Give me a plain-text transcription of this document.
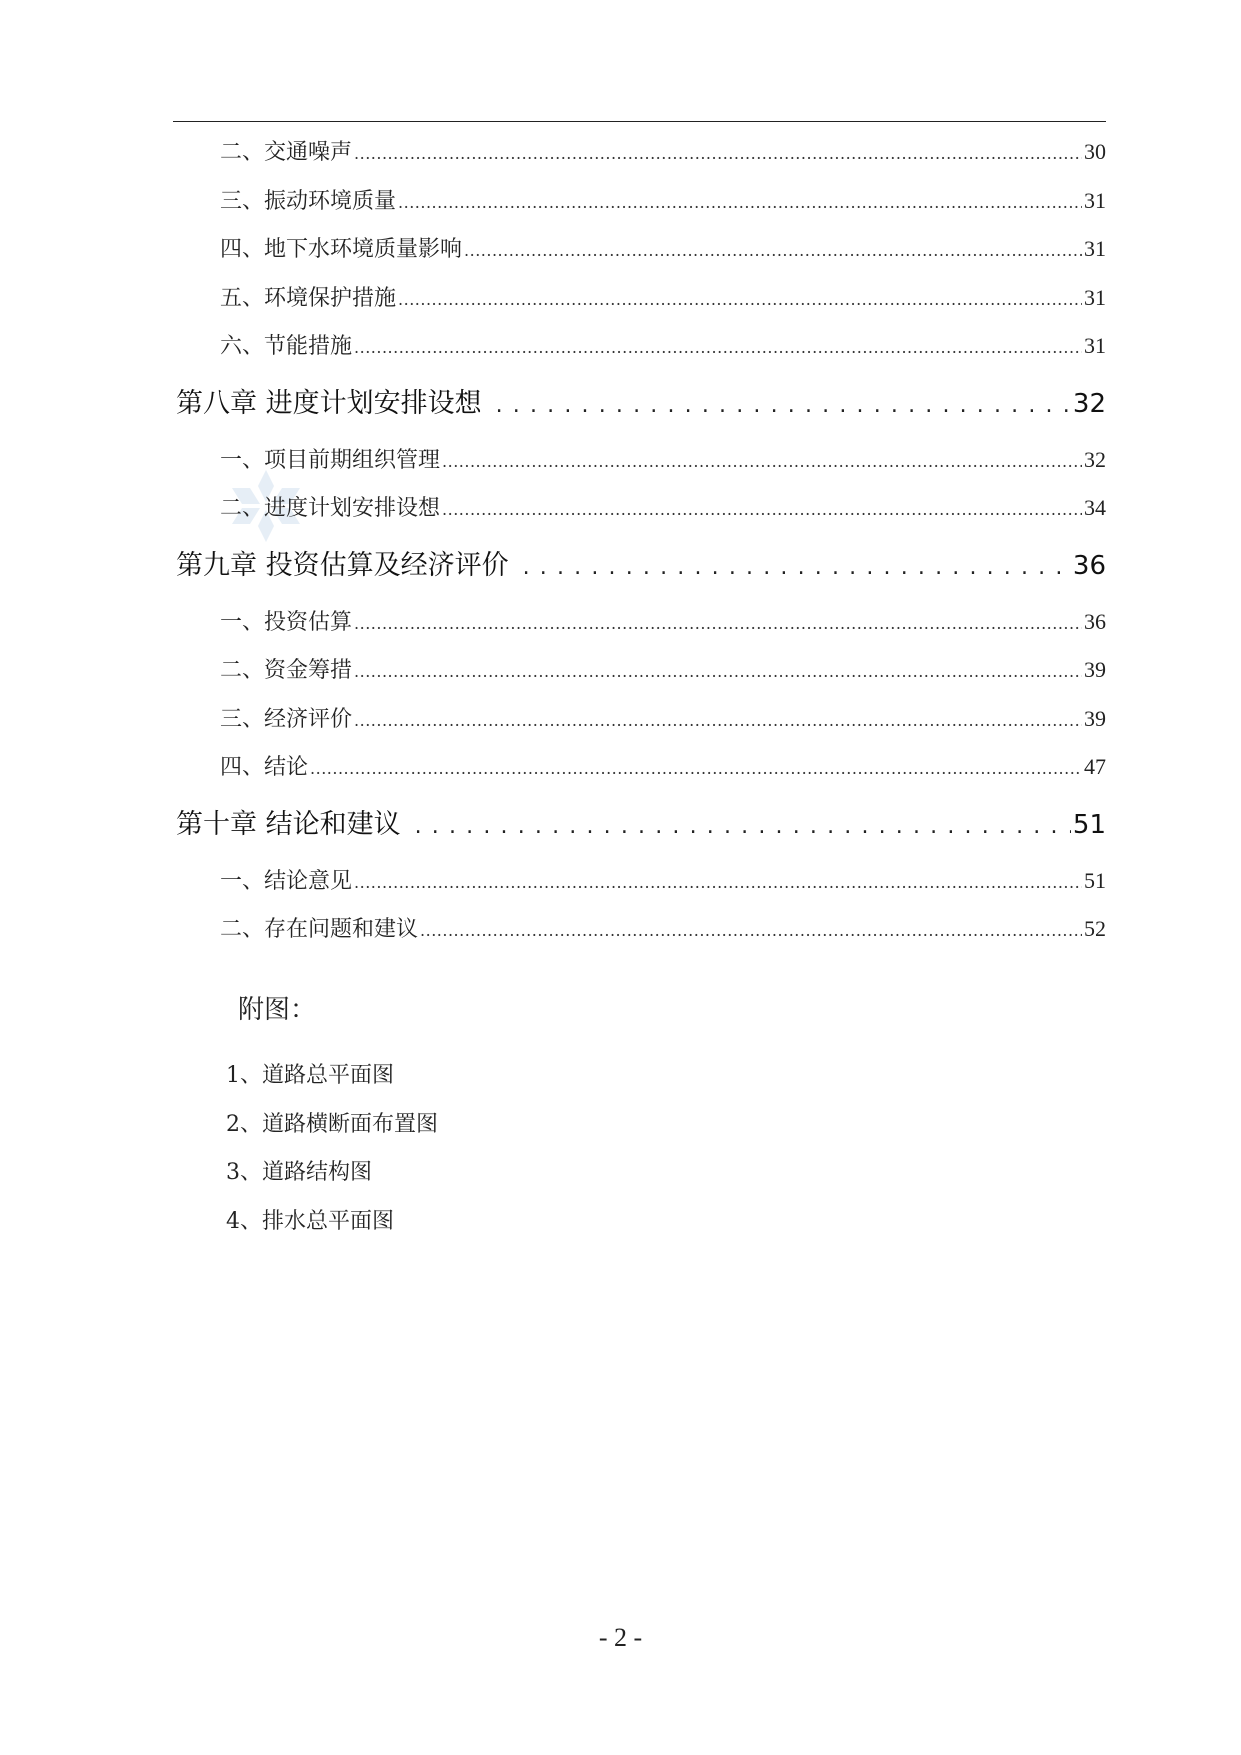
二、交通噪声 .....	30
三、振动环境质量 .....	31
四、地下水环境质量影响 .....	31
五、环境保护措施 .....	31
六、节能措施 .....	31
第八章 进度计划安排设想 . . .	32
一、项目前期组织管理 .....	32
二、进度计划安排设想 .....	34
第九章 投资估算及经济评价 . . .	36
一、投资估算 .....	36
二、资金筹措 .....	39
三、经济评价 .....	39
四、结论 .....	47
第十章 结论和建议 . . .	51
一、结论意见 .....	51
二、存在问题和建议 .....	52
附图：
1、道路总平面图
2、道路横断面布置图
3、道路结构图
4、排水总平面图
- 2 -
